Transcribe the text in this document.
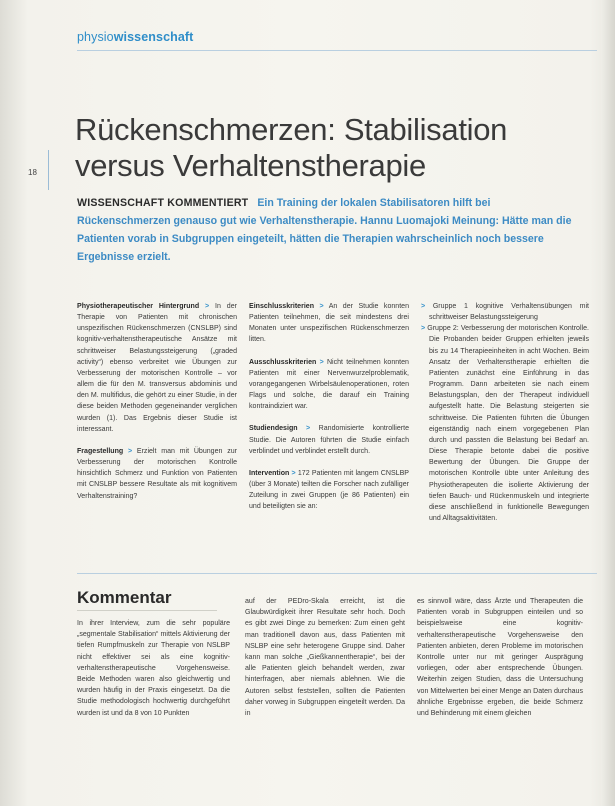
physiowissenschaft
18
Rückenschmerzen: Stabilisation
versus Verhaltenstherapie
WISSENSCHAFT KOMMENTIERT Ein Training der lokalen Stabilisatoren hilft bei Rückenschmerzen genauso gut wie Verhaltenstherapie. Hannu Luomajoki Meinung: Hätte man die Patienten vorab in Subgruppen eingeteilt, hätten die Therapien wahrscheinlich noch bessere Ergebnisse erzielt.

Physiotherapeutischer Hintergrund > In der Therapie von Patienten mit chronischen unspezifischen Rückenschmerzen (CNSLBP) sind kognitiv-verhaltenstherapeutische Ansätze mit schrittweiser Belastungssteigerung („graded activity“) ebenso verbreitet wie Übungen zur Verbesserung der motorischen Kontrolle – vor allem die für den M. transversus abdominis und den M. multifidus, die gehört zu einer Studie, in der diese beiden Methoden gegeneinander verglichen wurden (1). Das Ergebnis dieser Studie ist interessant.

Fragestellung > Erzielt man mit Übungen zur Verbesserung der motorischen Kontrolle hinsichtlich Schmerz und Funktion von Patienten mit CNSLBP bessere Resultate als mit kognitivem Verhaltenstraining?

Einschlusskriterien > An der Studie konnten Patienten teilnehmen, die seit mindestens drei Monaten unter unspezifischen Rückenschmerzen litten.

Ausschlusskriterien > Nicht teilnehmen konnten Patienten mit einer Nervenwurzelproblematik, vorangegangenen Wirbelsäulenoperationen, roten Flags und solche, die darauf ein Training kontraindiziert war.

Studiendesign > Randomisierte kontrollierte Studie. Die Autoren führten die Studie einfach verblindet und verblindet erstellt durch.

Intervention > 172 Patienten mit langem CNSLBP (über 3 Monate) teilten die Forscher nach zufälliger Zuteilung in zwei Gruppen (je 86 Patienten) ein und beteiligten sie an:

> Gruppe 1 kognitive Verhaltensübungen mit schrittweiser Belastungssteigerung

> Gruppe 2: Verbesserung der motorischen Kontrolle. Die Probanden beider Gruppen erhielten jeweils bis zu 14 Therapieeinheiten in acht Wochen. Beim Ansatz der Verhaltenstherapie erhielten die Patienten zunächst eine Einführung in das Programm. Dann arbeiteten sie nach einem Belastungsplan, den der Therapeut individuell aufgestellt hatte. Die Belastung steigerten sie schrittweise. Die Patienten führten die Übungen eigenständig nach einem vorgegebenen Plan durch und passten die Belastung bei Bedarf an. Diese Therapie betonte dabei die positive Bewertung der Übungen. Die Gruppe der motorischen Kontrolle übte unter Anleitung des Physiotherapeuten die isolierte Aktivierung der tiefen Bauch- und Rückenmuskeln und integrierte diese anschließend in funktionelle Bewegungen und Alltagsaktivitäten.

Kommentar
In ihrer Interview, zum die sehr populäre „segmentale Stabilisation“ mittels Aktivierung der tiefen Rumpfmuskeln zur Therapie von NSLBP nicht effektiver sei als eine kognitiv-verhaltenstherapeutische Vorgehensweise. Beide Methoden waren also gleichwertig und wurden häufig in der Praxis eingesetzt. Da die Studie methodologisch hochwertig durchgeführt wurden ist und da 8 von 10 Punkten
auf der PEDro-Skala erreicht, ist die Glaubwürdigkeit ihrer Resultate sehr hoch. Doch es gibt zwei Dinge zu bemerken: Zum einen geht man traditionell davon aus, dass Patienten mit NSLBP eine sehr heterogene Gruppe sind. Daher kann man solche „Gießkannentherapie“, bei der alle Patienten gleich behandelt werden, zwar hinterfragen, aber niemals ablehnen. Wie die Autoren selbst feststellen, sollten die Patienten daher vorweg in Subgruppen eingeteilt werden. Da in
es sinnvoll wäre, dass Ärzte und Therapeuten die Patienten vorab in Subgruppen einteilen und so beispielsweise eine kognitiv-verhaltenstherapeutische Vorgehensweise den Patienten anbieten, deren Probleme im motorischen Kontrolle unter nur mit geringer Ausprägung vorliegen, oder aber entsprechende Übungen. Weiterhin zeigen Studien, dass die Untersuchung von Mittelwerten bei einer Menge an Daten durchaus ähnliche Ergebnisse ergeben, die beide Schmerz und Behinderung mit einem gleichen
